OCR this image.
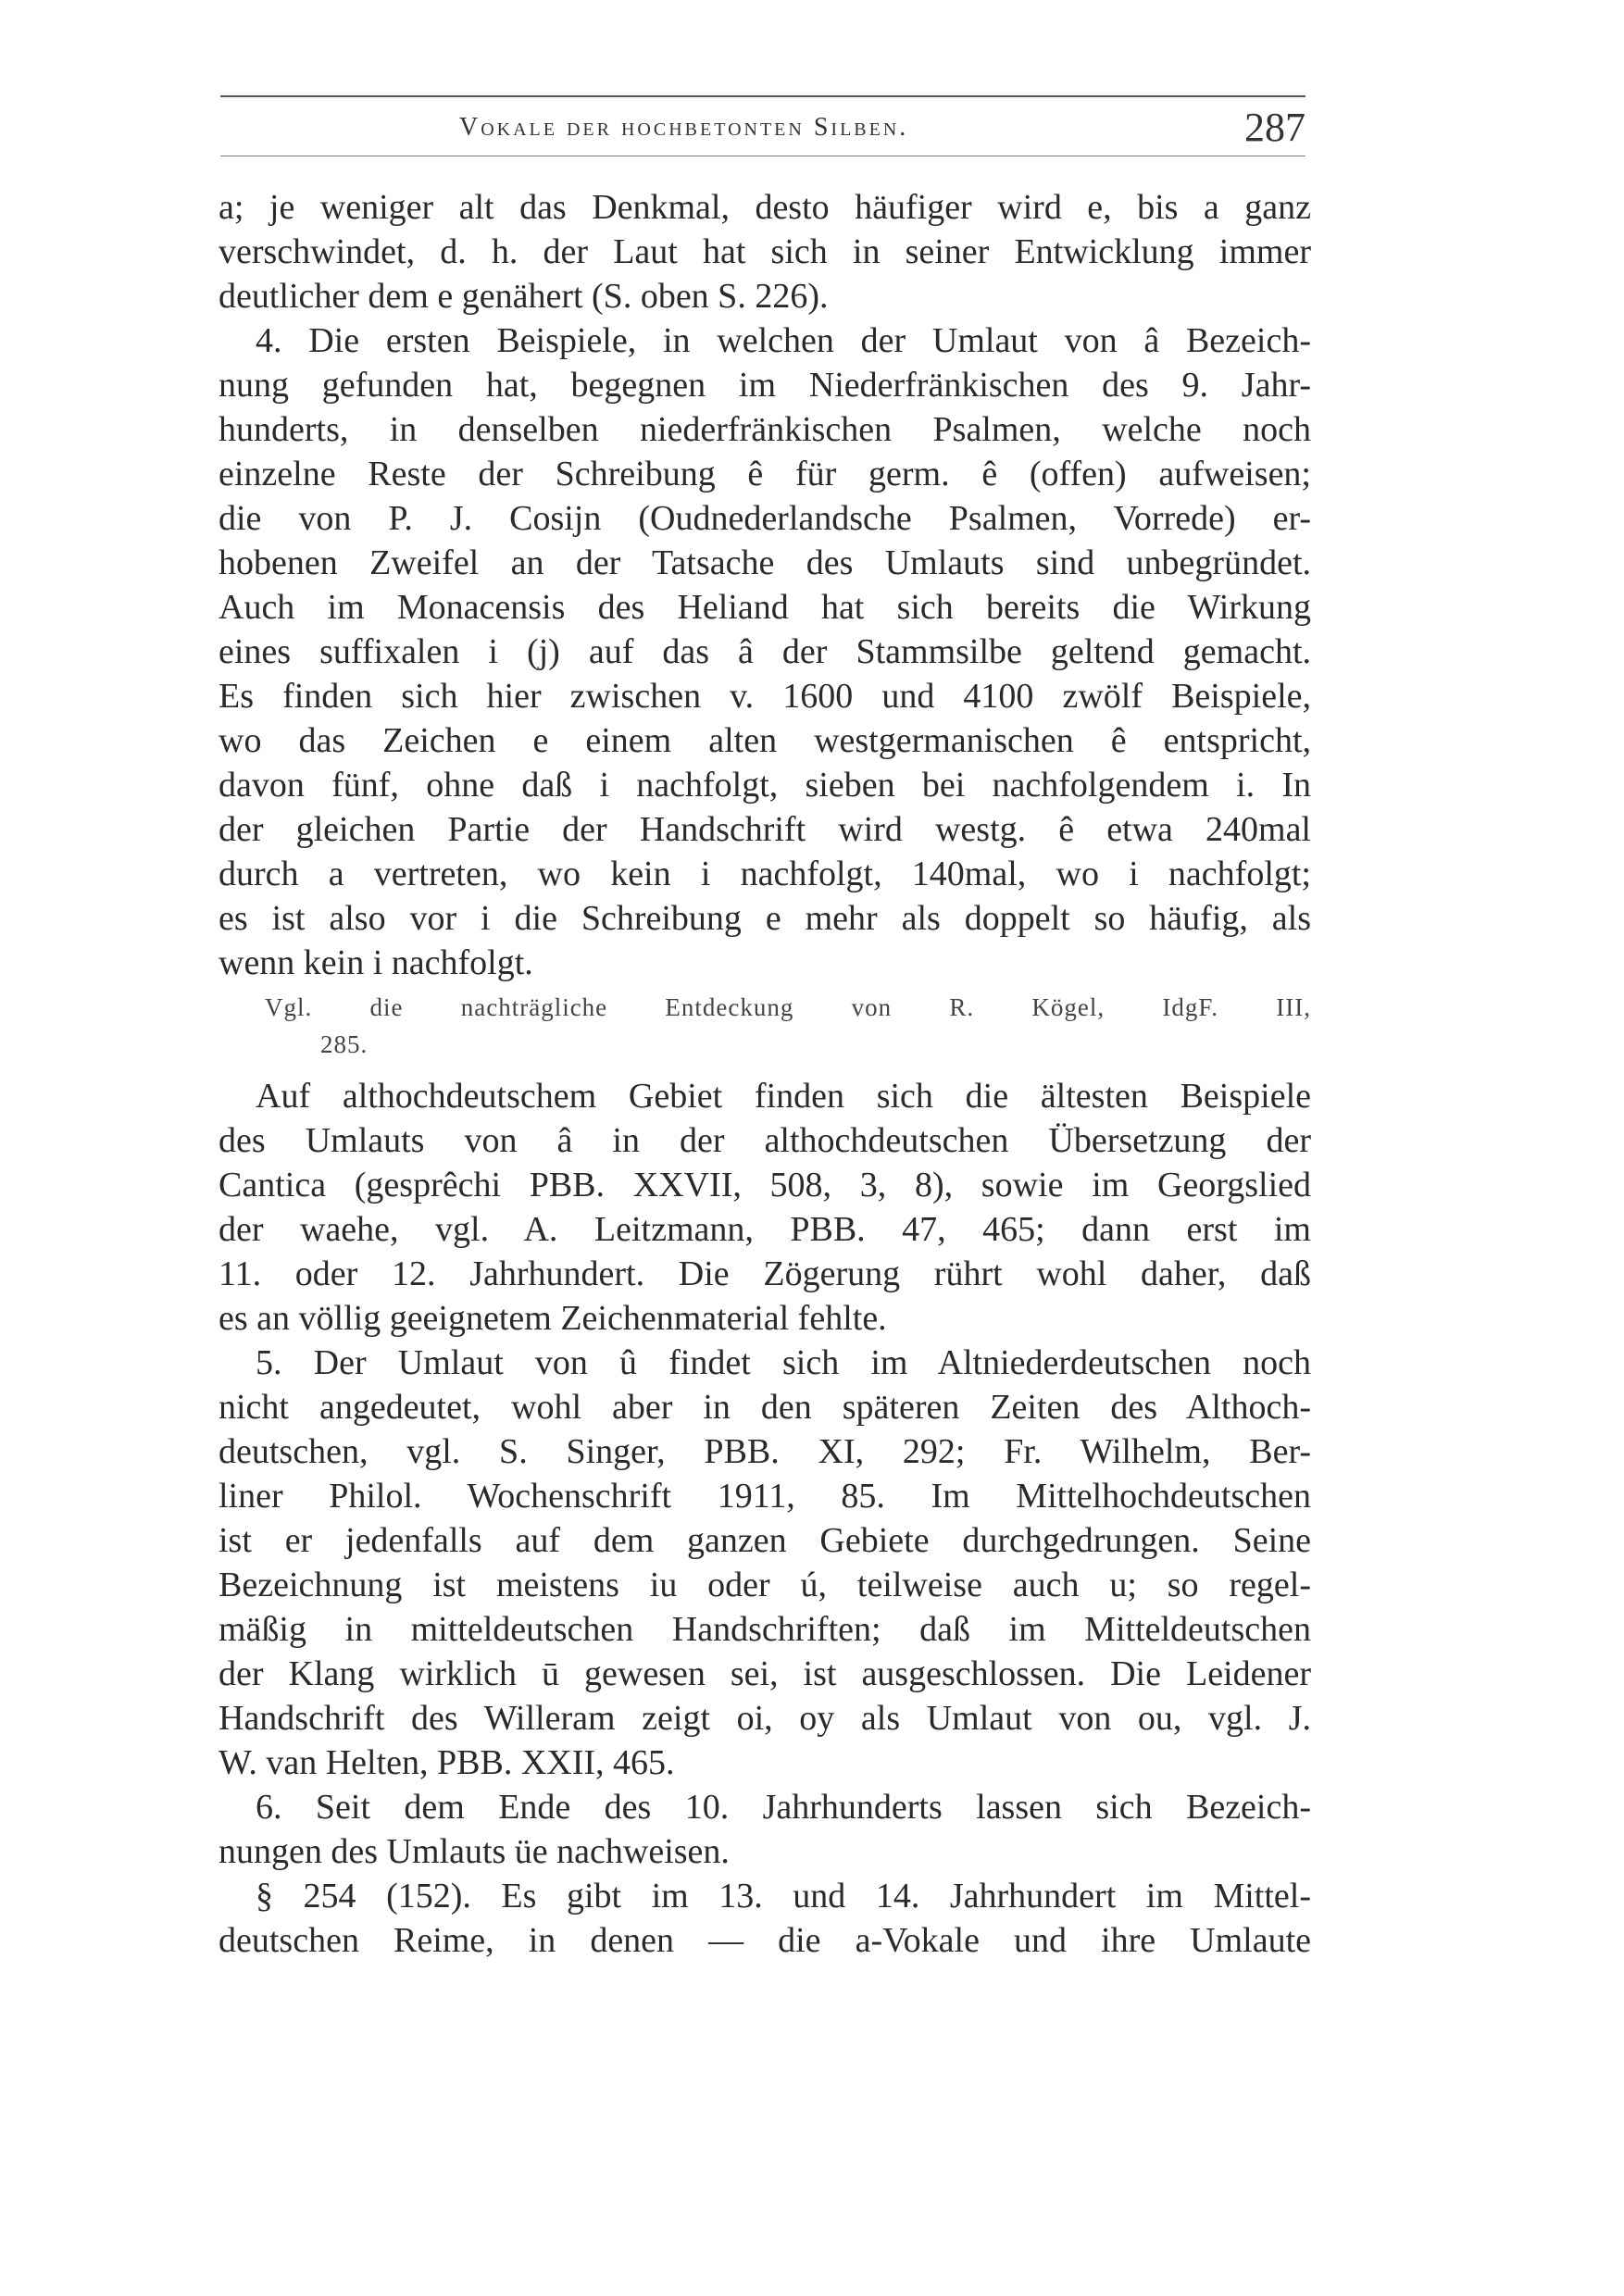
Vokale der hochbetonten Silben.	287
a; je weniger alt das Denkmal, desto häufiger wird e, bis a ganz
verschwindet, d. h. der Laut hat sich in seiner Entwicklung immer
deutlicher dem e genähert (S. oben S. 226).
4. Die ersten Beispiele, in welchen der Umlaut von â Bezeich-
nung gefunden hat, begegnen im Niederfränkischen des 9. Jahr-
hunderts, in denselben niederfränkischen Psalmen, welche noch
einzelne Reste der Schreibung ê für germ. ê (offen) aufweisen;
die von P. J. Cosijn (Oudnederlandsche Psalmen, Vorrede) er-
hobenen Zweifel an der Tatsache des Umlauts sind unbegründet.
Auch im Monacensis des Heliand hat sich bereits die Wirkung
eines suffixalen i (j) auf das â der Stammsilbe geltend gemacht.
Es finden sich hier zwischen v. 1600 und 4100 zwölf Beispiele,
wo das Zeichen e einem alten westgermanischen ê entspricht,
davon fünf, ohne daß i nachfolgt, sieben bei nachfolgendem i. In
der gleichen Partie der Handschrift wird westg. ê etwa 240mal
durch a vertreten, wo kein i nachfolgt, 140mal, wo i nachfolgt;
es ist also vor i die Schreibung e mehr als doppelt so häufig, als
wenn kein i nachfolgt.
Vgl. die nachträgliche Entdeckung von R. Kögel, IdgF. III,
285.
Auf althochdeutschem Gebiet finden sich die ältesten Beispiele
des Umlauts von â in der althochdeutschen Übersetzung der
Cantica (gesprêchi PBB. XXVII, 508, 3, 8), sowie im Georgslied
der waehe, vgl. A. Leitzmann, PBB. 47, 465; dann erst im
11. oder 12. Jahrhundert. Die Zögerung rührt wohl daher, daß
es an völlig geeignetem Zeichenmaterial fehlte.
5. Der Umlaut von û findet sich im Altniederdeutschen noch
nicht angedeutet, wohl aber in den späteren Zeiten des Althoch-
deutschen, vgl. S. Singer, PBB. XI, 292; Fr. Wilhelm, Ber-
liner Philol. Wochenschrift 1911, 85. Im Mittelhochdeutschen
ist er jedenfalls auf dem ganzen Gebiete durchgedrungen. Seine
Bezeichnung ist meistens iu oder ú, teilweise auch u; so regel-
mäßig in mitteldeutschen Handschriften; daß im Mitteldeutschen
der Klang wirklich ū gewesen sei, ist ausgeschlossen. Die Leidener
Handschrift des Willeram zeigt oi, oy als Umlaut von ou, vgl. J.
W. van Helten, PBB. XXII, 465.
6. Seit dem Ende des 10. Jahrhunderts lassen sich Bezeich-
nungen des Umlauts üe nachweisen.
§ 254 (152). Es gibt im 13. und 14. Jahrhundert im Mittel-
deutschen Reime, in denen — die a-Vokale und ihre Umlaute
